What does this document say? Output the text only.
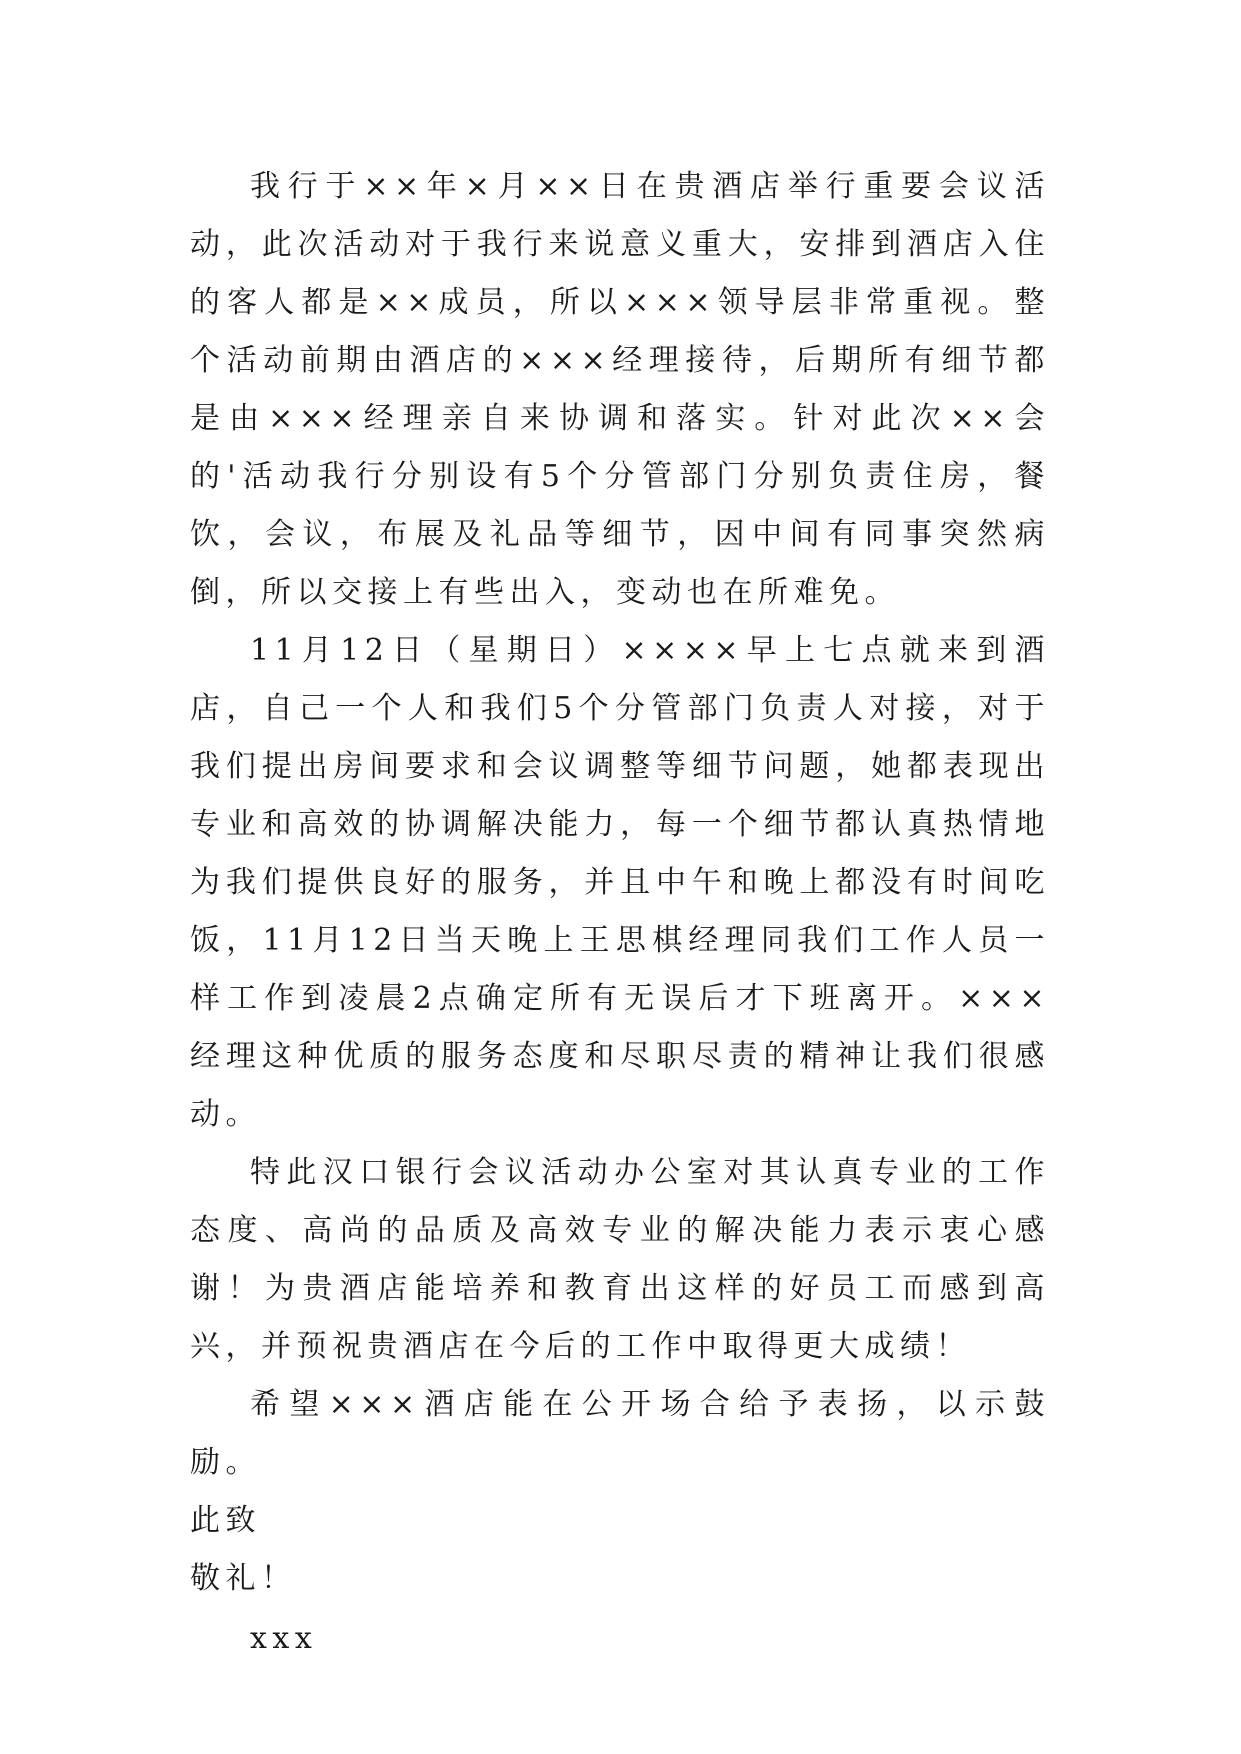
我行于××年×月××日在贵酒店举行重要会议活动，此次活动对于我行来说意义重大，安排到酒店入住的客人都是××成员，所以×××领导层非常重视。整个活动前期由酒店的×××经理接待，后期所有细节都是由×××经理亲自来协调和落实。针对此次××会的'活动我行分别设有5个分管部门分别负责住房，餐饮，会议，布展及礼品等细节，因中间有同事突然病倒，所以交接上有些出入，变动也在所难免。

11月12日（星期日）××××早上七点就来到酒店，自己一个人和我们5个分管部门负责人对接，对于我们提出房间要求和会议调整等细节问题，她都表现出专业和高效的协调解决能力，每一个细节都认真热情地为我们提供良好的服务，并且中午和晚上都没有时间吃饭，11月12日当天晚上王思棋经理同我们工作人员一样工作到凌晨2点确定所有无误后才下班离开。×××经理这种优质的服务态度和尽职尽责的精神让我们很感动。

特此汉口银行会议活动办公室对其认真专业的工作态度、高尚的品质及高效专业的解决能力表示衷心感谢！为贵酒店能培养和教育出这样的好员工而感到高兴，并预祝贵酒店在今后的工作中取得更大成绩！

希望×××酒店能在公开场合给予表扬，以示鼓励。

此致

敬礼！

xxx
